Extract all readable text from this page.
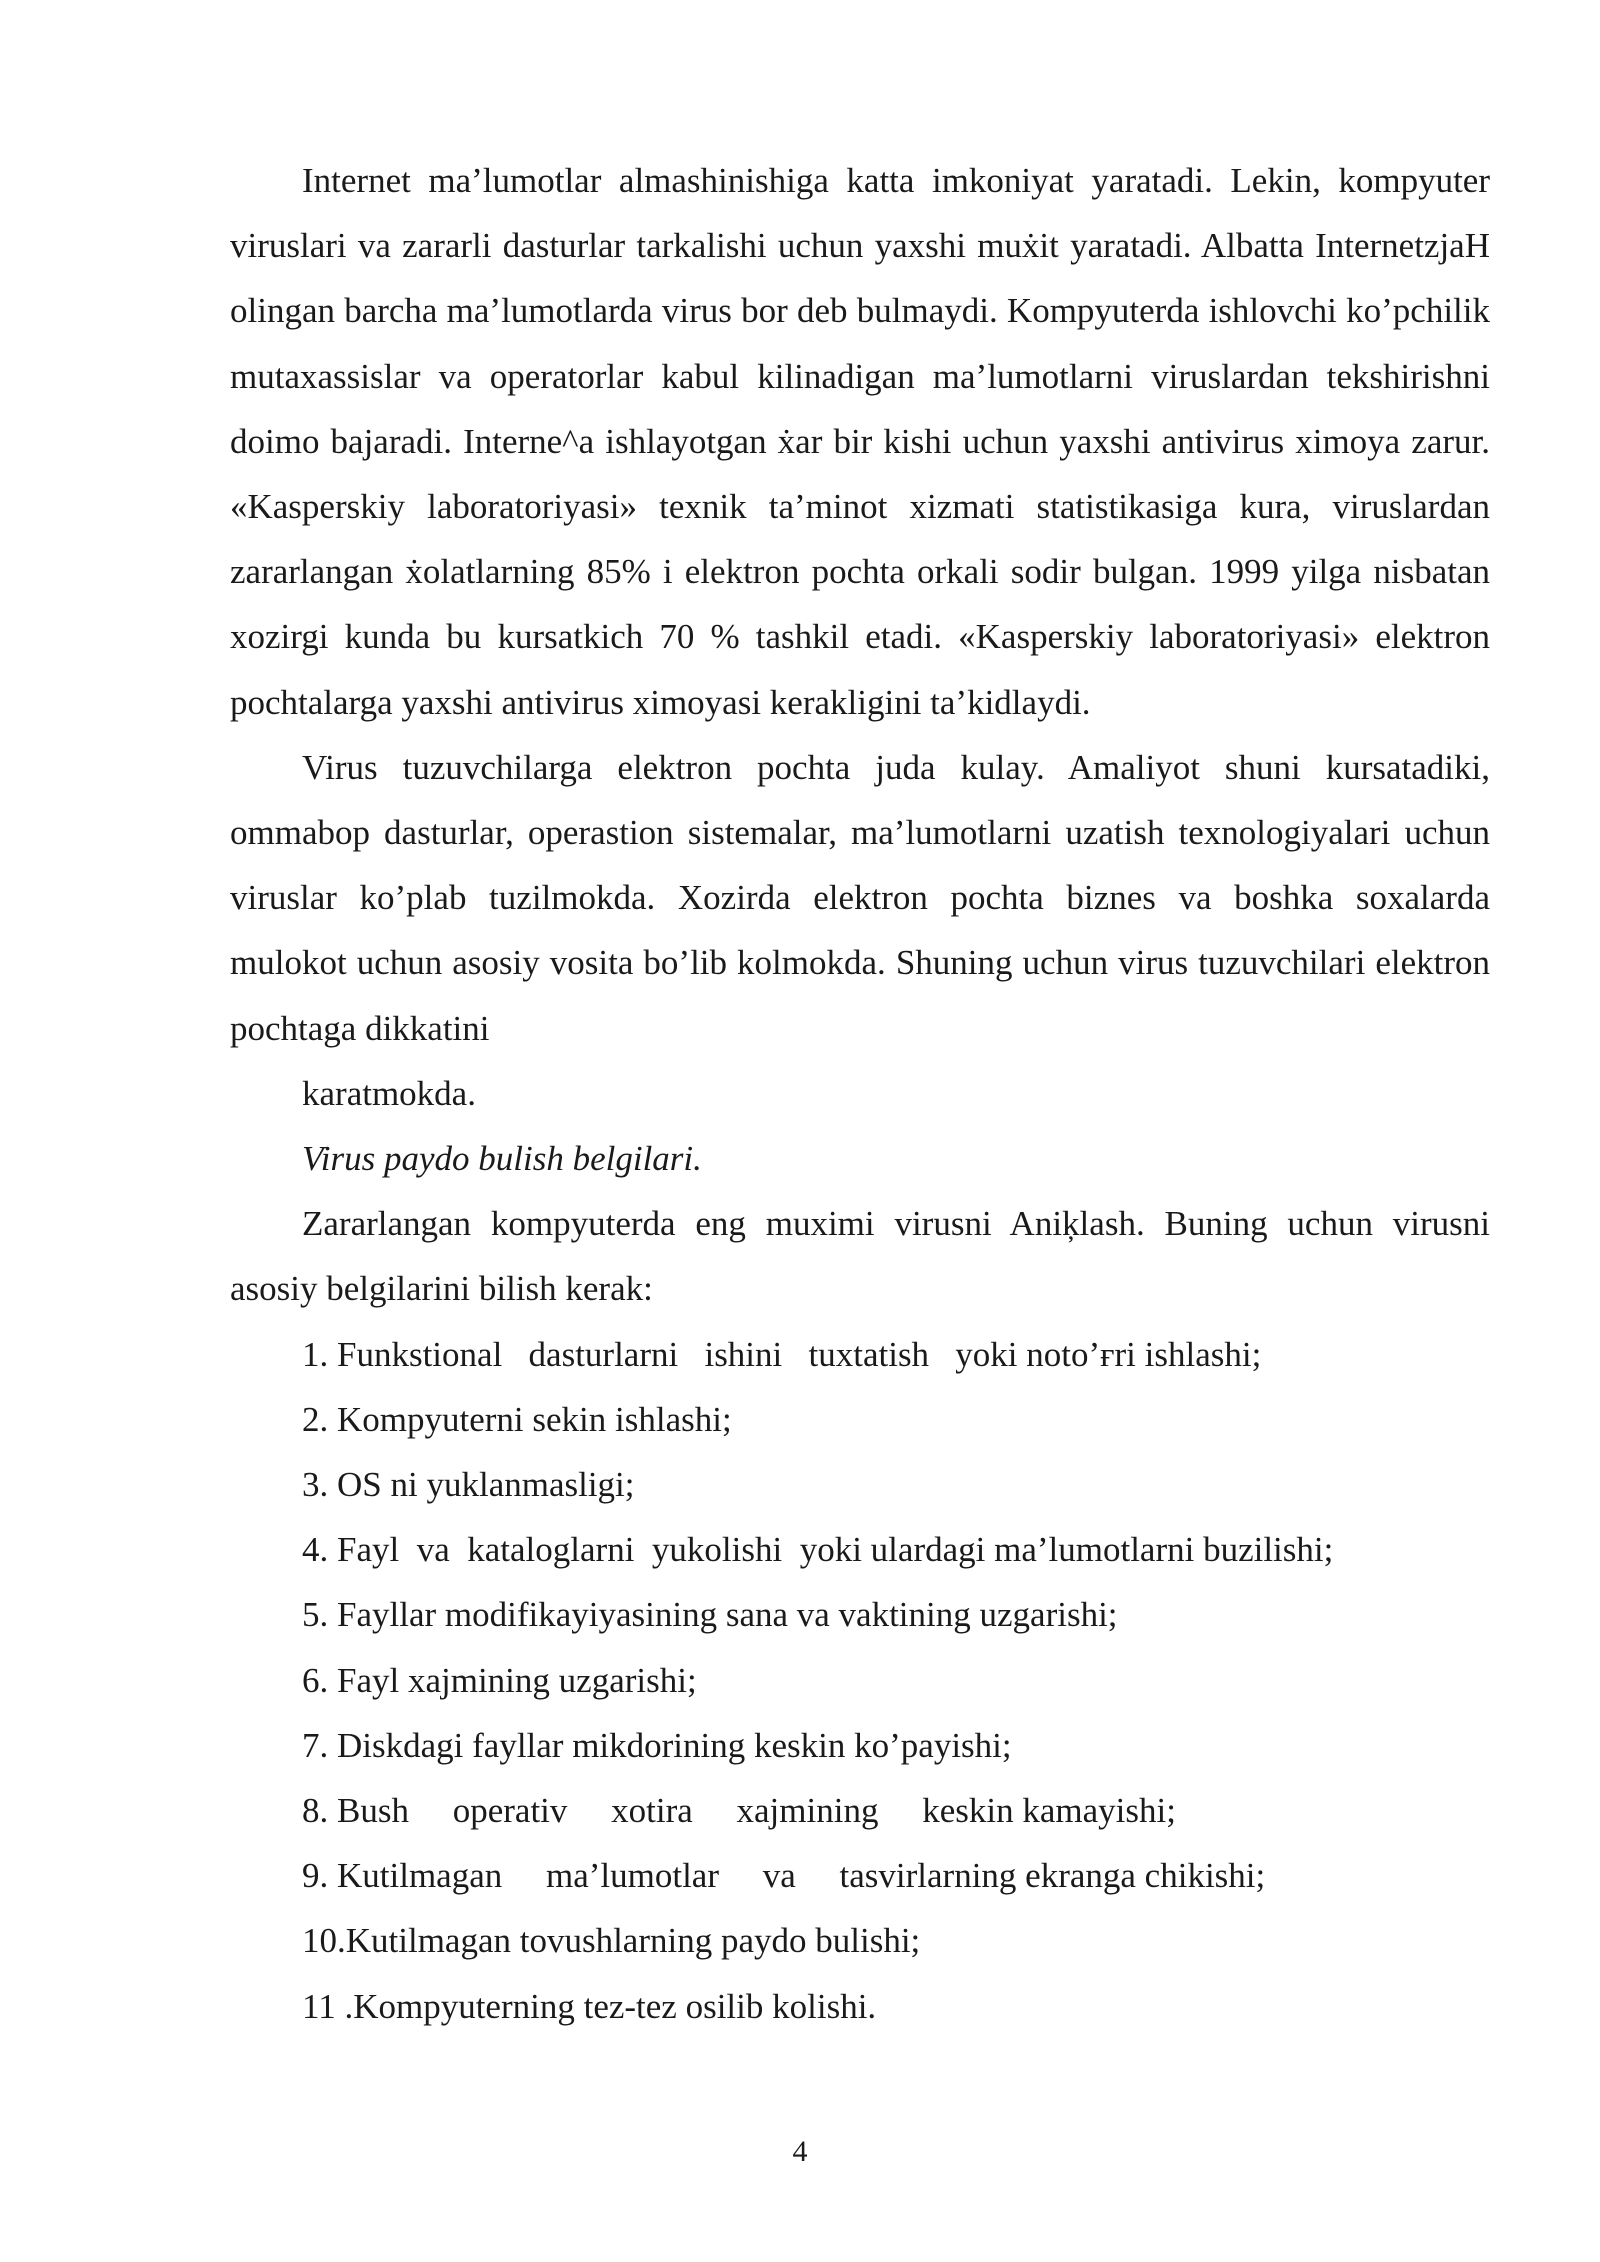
Internet ma’lumotlar almashinishiga katta imkoniyat yaratadi. Lekin, kompyuter viruslari va zararli dasturlar tarkalishi uchun yaxshi muẋit yaratadi. Albatta InternetzjaH olingan barcha ma’lumotlarda virus bor deb bulmaydi. Kompyuterda ishlovchi ko’pchilik mutaxassislar va operatorlar kabul kilinadigan ma’lumotlarni viruslardan tekshirishni doimo bajaradi. Interne^a ishlayotgan ẋar bir kishi uchun yaxshi antivirus ximoya zarur. «Kasperskiy laboratoriyasi» texnik ta’minot xizmati statistikasiga kura, viruslardan zararlangan ẋolatlarning 85% i elektron pochta orkali sodir bulgan. 1999 yilga nisbatan xozirgi kunda bu kursatkich 70 % tashkil etadi. «Kasperskiy laboratoriyasi» elektron pochtalarga yaxshi antivirus ximoyasi kerakligini ta’kidlaydi.

Virus tuzuvchilarga elektron pochta juda kulay. Amaliyot shuni kursatadiki, ommabop dasturlar, operastion sistemalar, ma’lumotlarni uzatish texnologiyalari uchun viruslar ko’plab tuzilmokda. Xozirda elektron pochta biznes va boshka soxalarda mulokot uchun asosiy vosita bo’lib kolmokda. Shuning uchun virus tuzuvchilari elektron pochtaga dikkatini

karatmokda.

Virus paydo bulish belgilari.

Zararlangan kompyuterda eng muximi virusni Aniķlash. Buning uchun virusni asosiy belgilarini bilish kerak:

1. Funkstional   dasturlarni   ishini   tuxtatish   yoki noto’ғri ishlashi;

2. Kompyuterni sekin ishlashi;

3. OS ni yuklanmasligi;

4. Fayl  va  kataloglarni  yukolishi  yoki ulardagi ma’lumotlarni buzilishi;

5. Fayllar modifikayiyasining sana va vaktining uzgarishi;

6. Fayl xajmining uzgarishi;

7. Diskdagi fayllar mikdorining keskin ko’payishi;

8. Bush     operativ     xotira     xajmining     keskin kamayishi;

9. Kutilmagan     ma’lumotlar     va     tasvirlarning ekranga chikishi;

10.Kutilmagan tovushlarning paydo bulishi;

11 .Kompyuterning tez-tez osilib kolishi.

4
